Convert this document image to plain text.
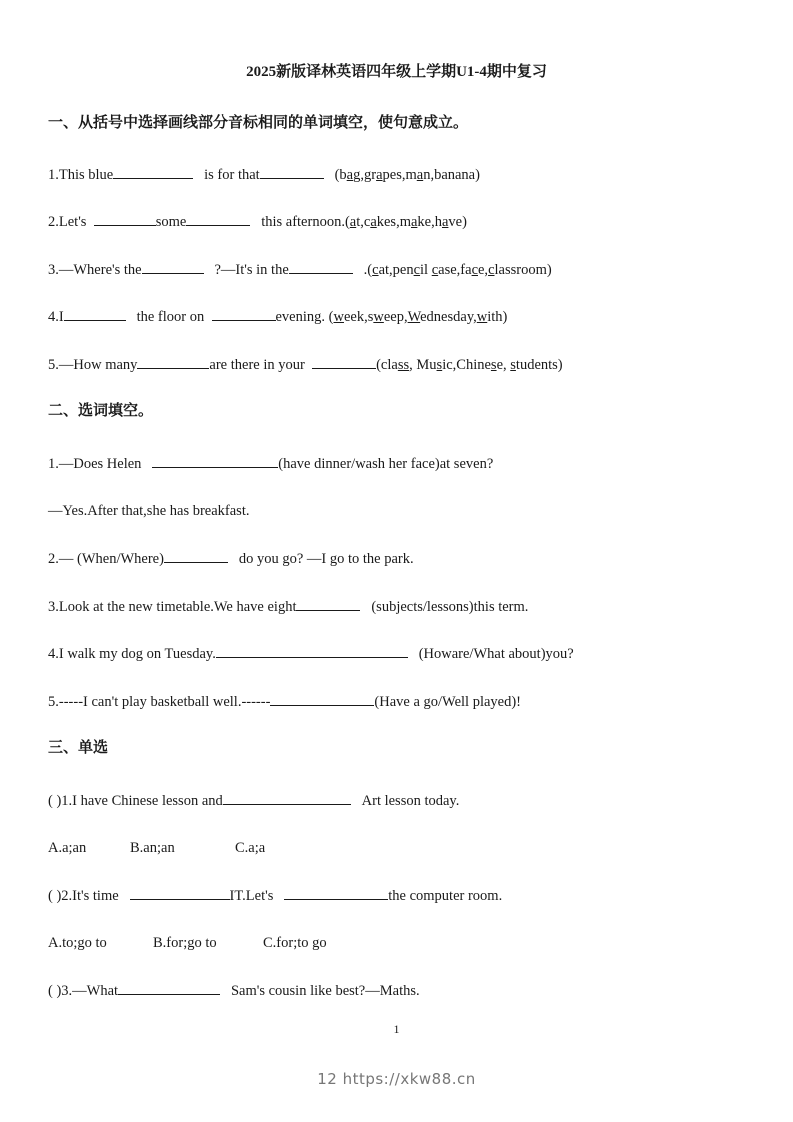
2025新版译林英语四年级上学期U1-4期中复习
一、从括号中选择画线部分音标相同的单词填空，使句意成立。
1.This blue	is for that	(bag,grapes,man,banana)
2.Let's	some	this afternoon.(at,cakes,make,have)
3.—Where's the	?—It's in the	.(cat,pencil case,face,classroom)
4.I	the floor on	evening. (week,sweep,Wednesday,with)
5.—How many	are there in your	(class, Music,Chinese, students)
二、选词填空。
1.—Does Helen	(have dinner/wash her face)at seven?
—Yes.After that,she has breakfast.
2.— (When/Where)	do you go? —I go to the park.
3.Look at the new timetable.We have eight	(subjects/lessons)this term.
4.I walk my dog on Tuesday.	(Howare/What about)you?
5.-----I can't play basketball well.------	(Have a go/Well played)!
三、单选
( )1.I have Chinese lesson and	Art lesson today.
A.a;an	B.an;an	C.a;a
( )2.It's time	IT.Let's	the computer room.
A.to;go to	B.for;go to	C.for;to go
( )3.—What	Sam's cousin like best?—Maths.
1
12 https://xkw88.cn
